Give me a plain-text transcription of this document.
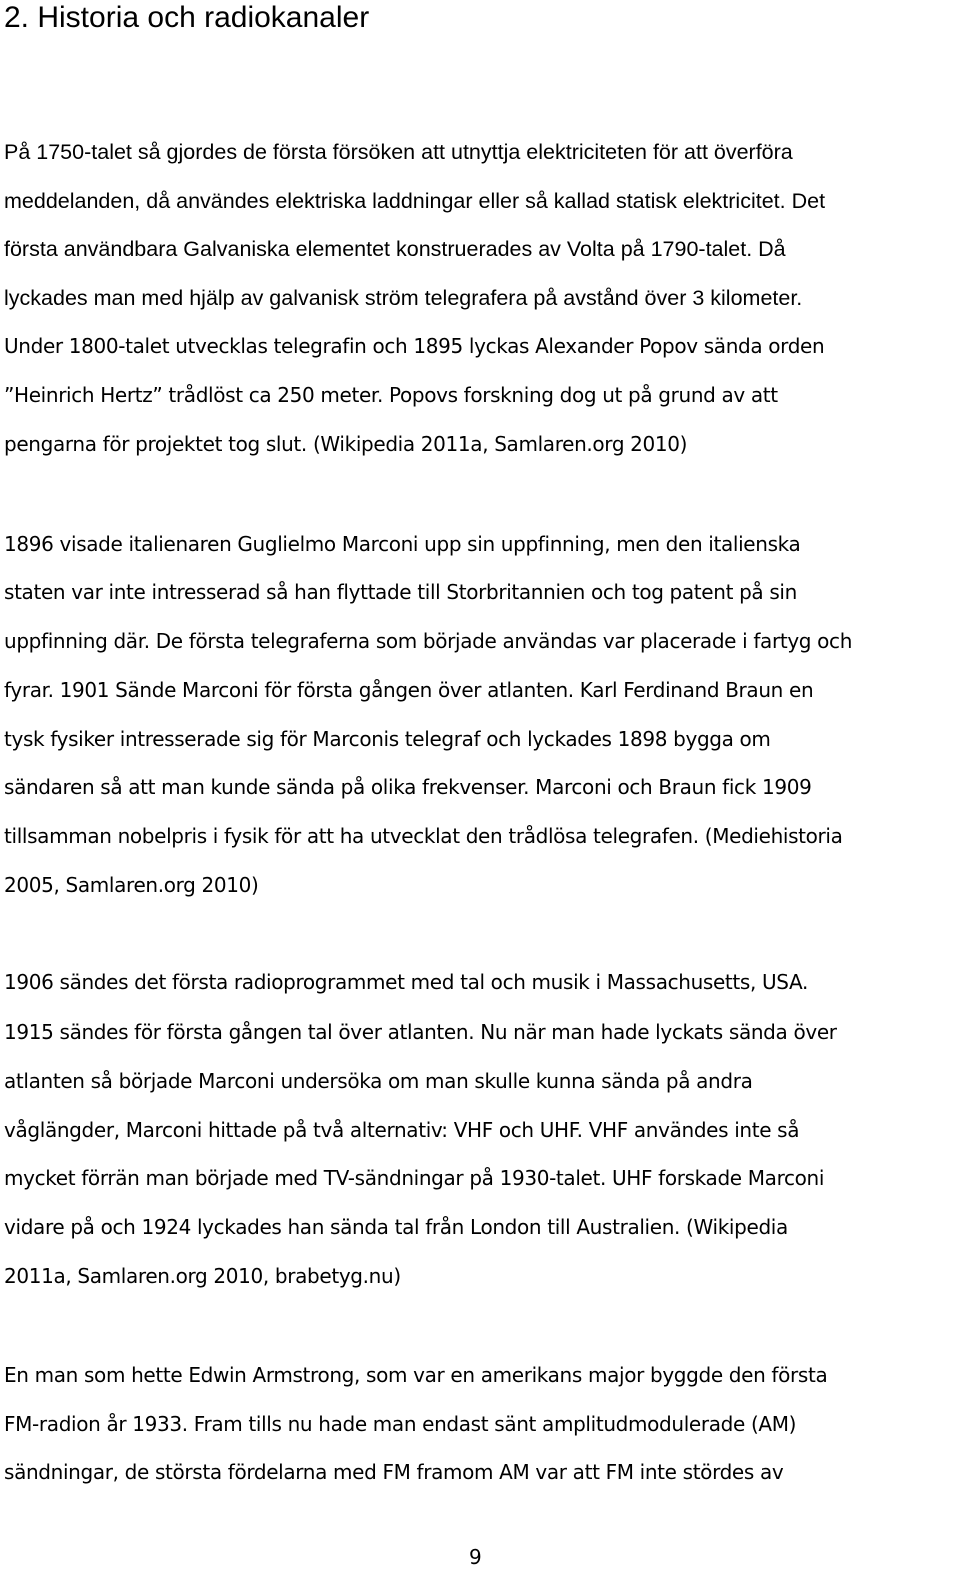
2. Historia och radiokanaler

På 1750-talet så gjordes de första försöken att utnyttja elektriciteten för att överföra

meddelanden, då användes elektriska laddningar eller så kallad statisk elektricitet. Det

första användbara Galvaniska elementet konstruerades av Volta på 1790-talet. Då

lyckades man med hjälp av galvanisk ström telegrafera på avstånd över 3 kilometer.

Under 1800-talet utvecklas telegrafin och 1895 lyckas Alexander Popov sända orden

”Heinrich Hertz” trådlöst ca 250 meter. Popovs forskning dog ut på grund av att

pengarna för projektet tog slut. (Wikipedia 2011a, Samlaren.org 2010)

1896 visade italienaren Guglielmo Marconi upp sin uppfinning, men den italienska

staten var inte intresserad så han flyttade till Storbritannien och tog patent på sin

uppfinning där. De första telegraferna som började användas var placerade i fartyg och

fyrar. 1901 Sände Marconi för första gången över atlanten. Karl Ferdinand Braun en

tysk fysiker intresserade sig för Marconis telegraf och lyckades 1898 bygga om

sändaren så att man kunde sända på olika frekvenser. Marconi och Braun fick 1909

tillsamman nobelpris i fysik för att ha utvecklat den trådlösa telegrafen. (Mediehistoria

2005, Samlaren.org 2010)

1906 sändes det första radioprogrammet med tal och musik i Massachusetts, USA.

1915 sändes för första gången tal över atlanten. Nu när man hade lyckats sända över

atlanten så började Marconi undersöka om man skulle kunna sända på andra

våglängder, Marconi hittade på två alternativ: VHF och UHF. VHF användes inte så

mycket förrän man började med TV-sändningar på 1930-talet. UHF forskade Marconi

vidare på och 1924 lyckades han sända tal från London till Australien. (Wikipedia

2011a, Samlaren.org 2010, brabetyg.nu)

En man som hette Edwin Armstrong, som var en amerikans major byggde den första

FM-radion år 1933. Fram tills nu hade man endast sänt amplitudmodulerade (AM)

sändningar, de största fördelarna med FM framom AM var att FM inte stördes av

9
